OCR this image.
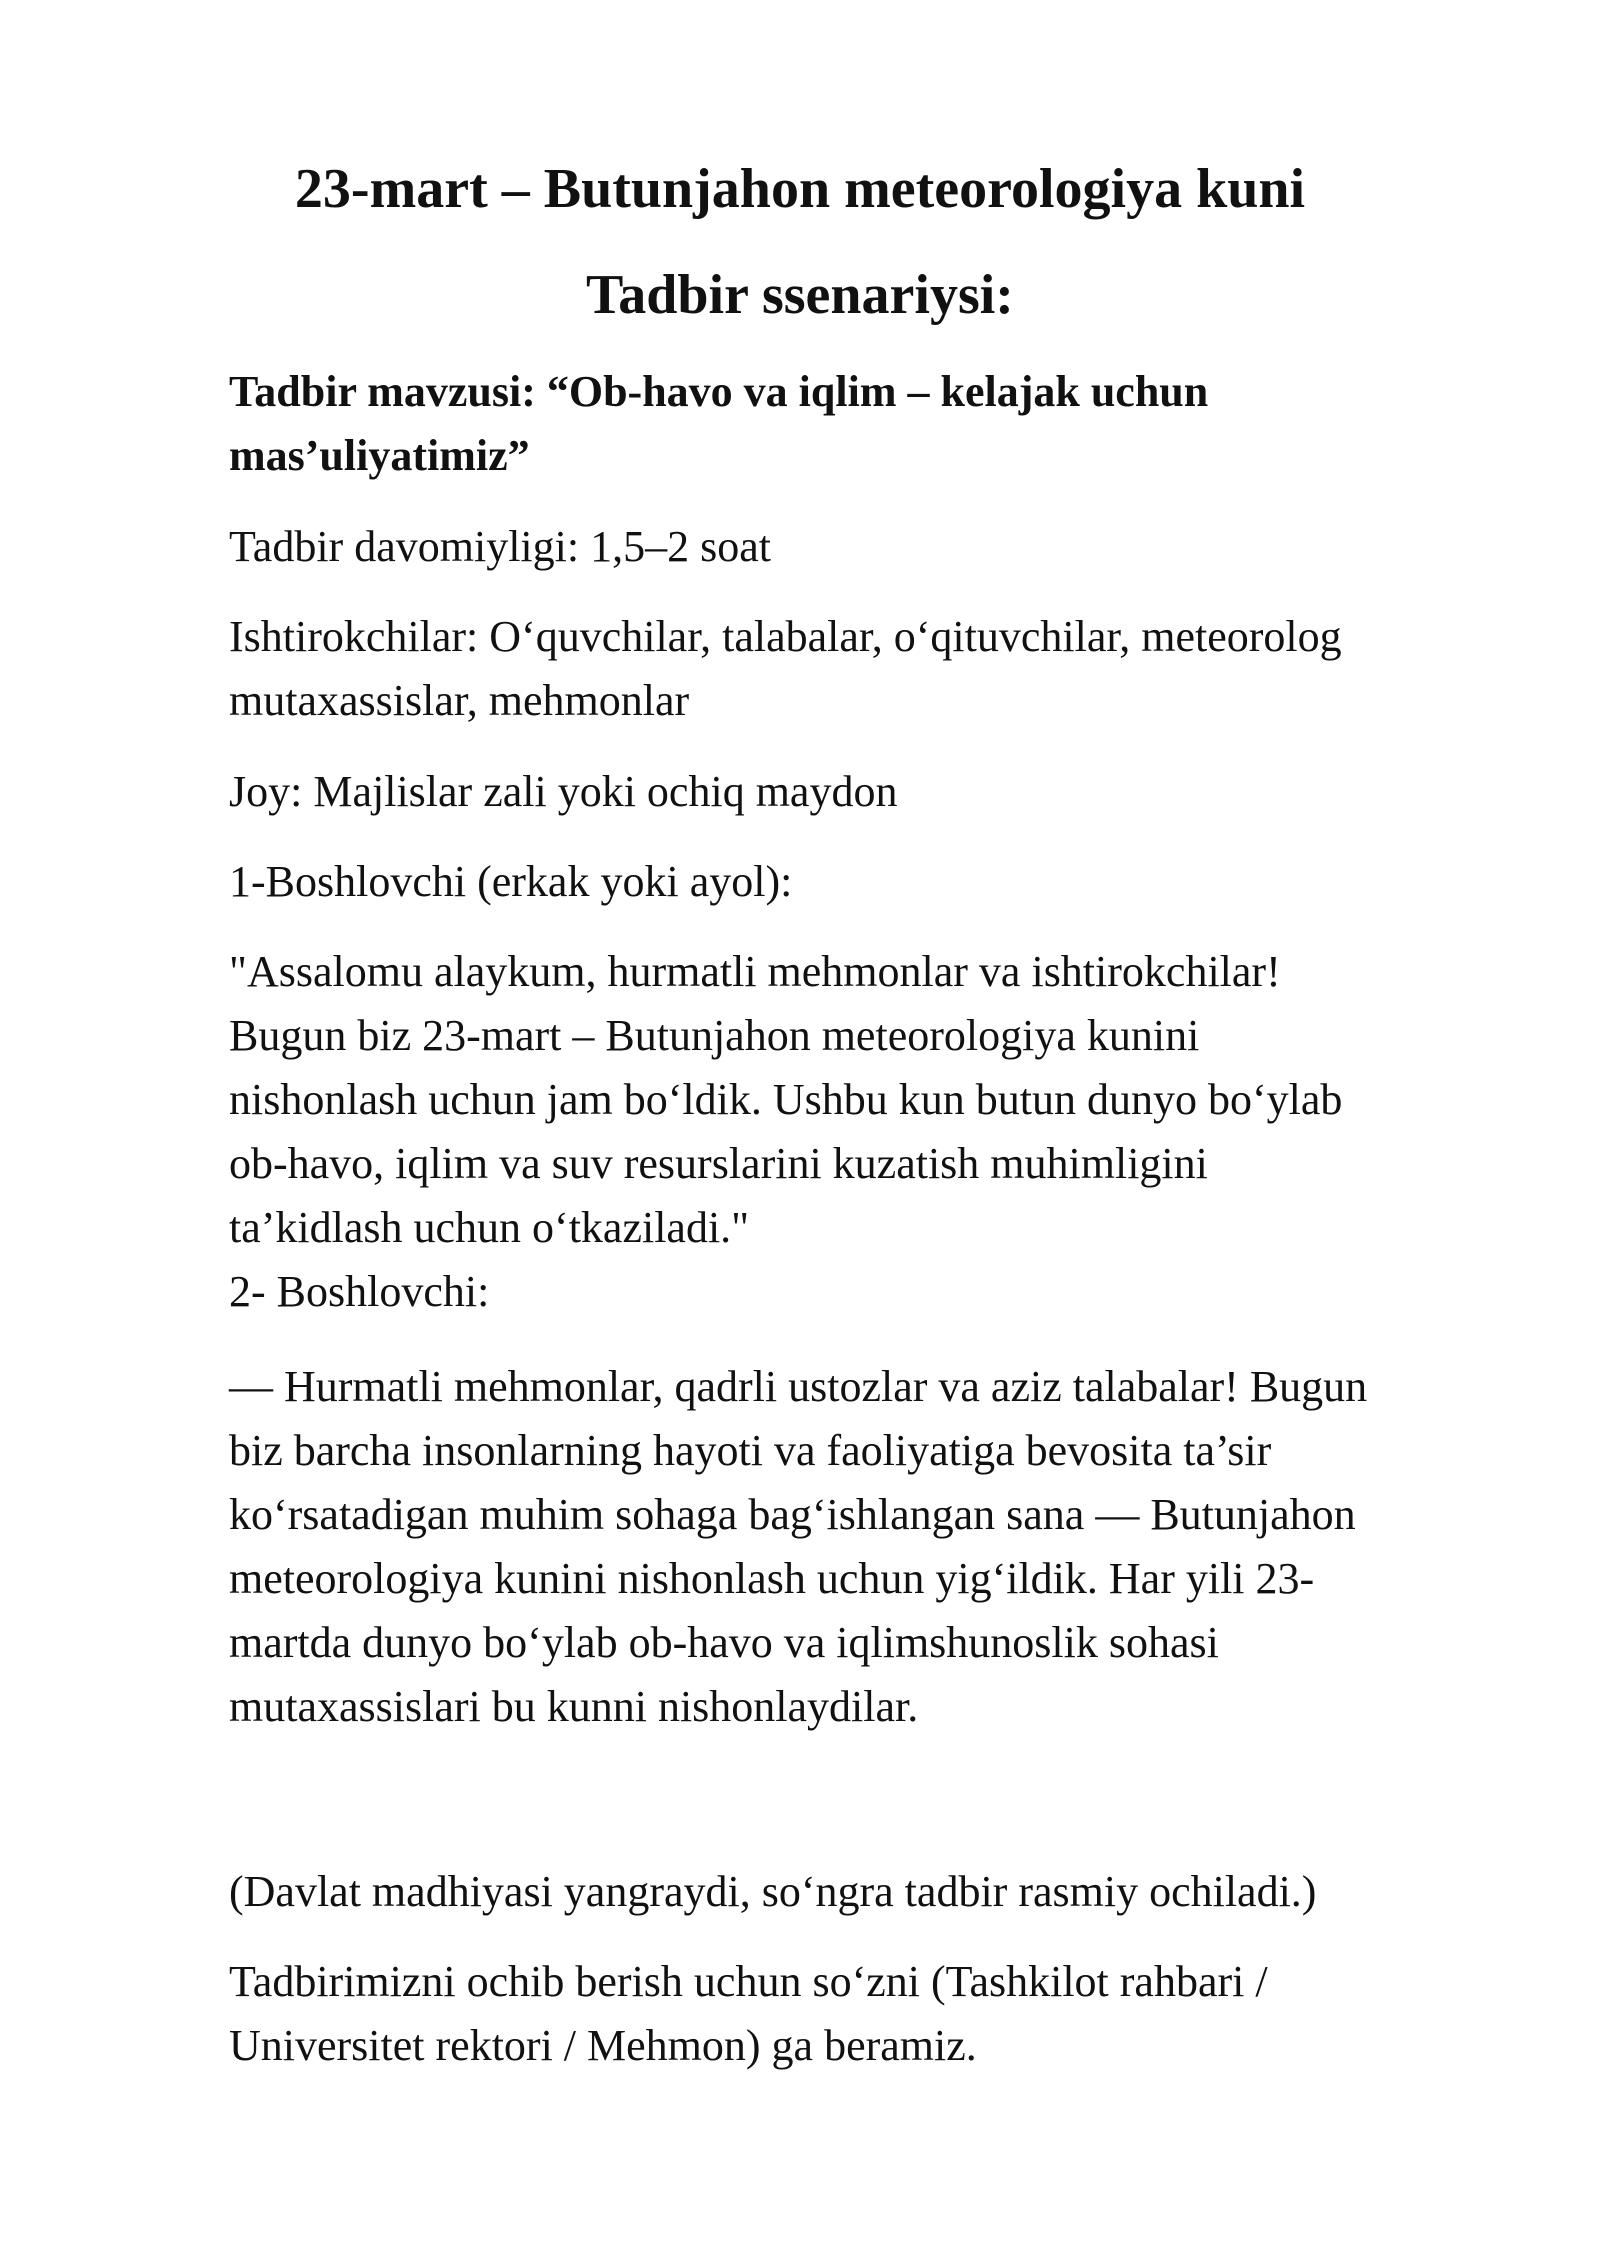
23-mart – Butunjahon meteorologiya kuni
Tadbir ssenariysi:

Tadbir mavzusi: “Ob-havo va iqlim – kelajak uchun
mas’uliyatimiz”

Tadbir davomiyligi: 1,5–2 soat

Ishtirokchilar: O‘quvchilar, talabalar, o‘qituvchilar, meteorolog
mutaxassislar, mehmonlar

Joy: Majlislar zali yoki ochiq maydon

1-Boshlovchi (erkak yoki ayol):

"Assalomu alaykum, hurmatli mehmonlar va ishtirokchilar!
Bugun biz 23-mart – Butunjahon meteorologiya kunini
nishonlash uchun jam bo‘ldik. Ushbu kun butun dunyo bo‘ylab
ob-havo, iqlim va suv resurslarini kuzatish muhimligini
ta’kidlash uchun o‘tkaziladi."

2- Boshlovchi:

— Hurmatli mehmonlar, qadrli ustozlar va aziz talabalar! Bugun
biz barcha insonlarning hayoti va faoliyatiga bevosita ta’sir
ko‘rsatadigan muhim sohaga bag‘ishlangan sana — Butunjahon
meteorologiya kunini nishonlash uchun yig‘ildik. Har yili 23-
martda dunyo bo‘ylab ob-havo va iqlimshunoslik sohasi
mutaxassislari bu kunni nishonlaydilar.

(Davlat madhiyasi yangraydi, so‘ngra tadbir rasmiy ochiladi.)

Tadbirimizni ochib berish uchun so‘zni (Tashkilot rahbari /
Universitet rektori / Mehmon) ga beramiz.
